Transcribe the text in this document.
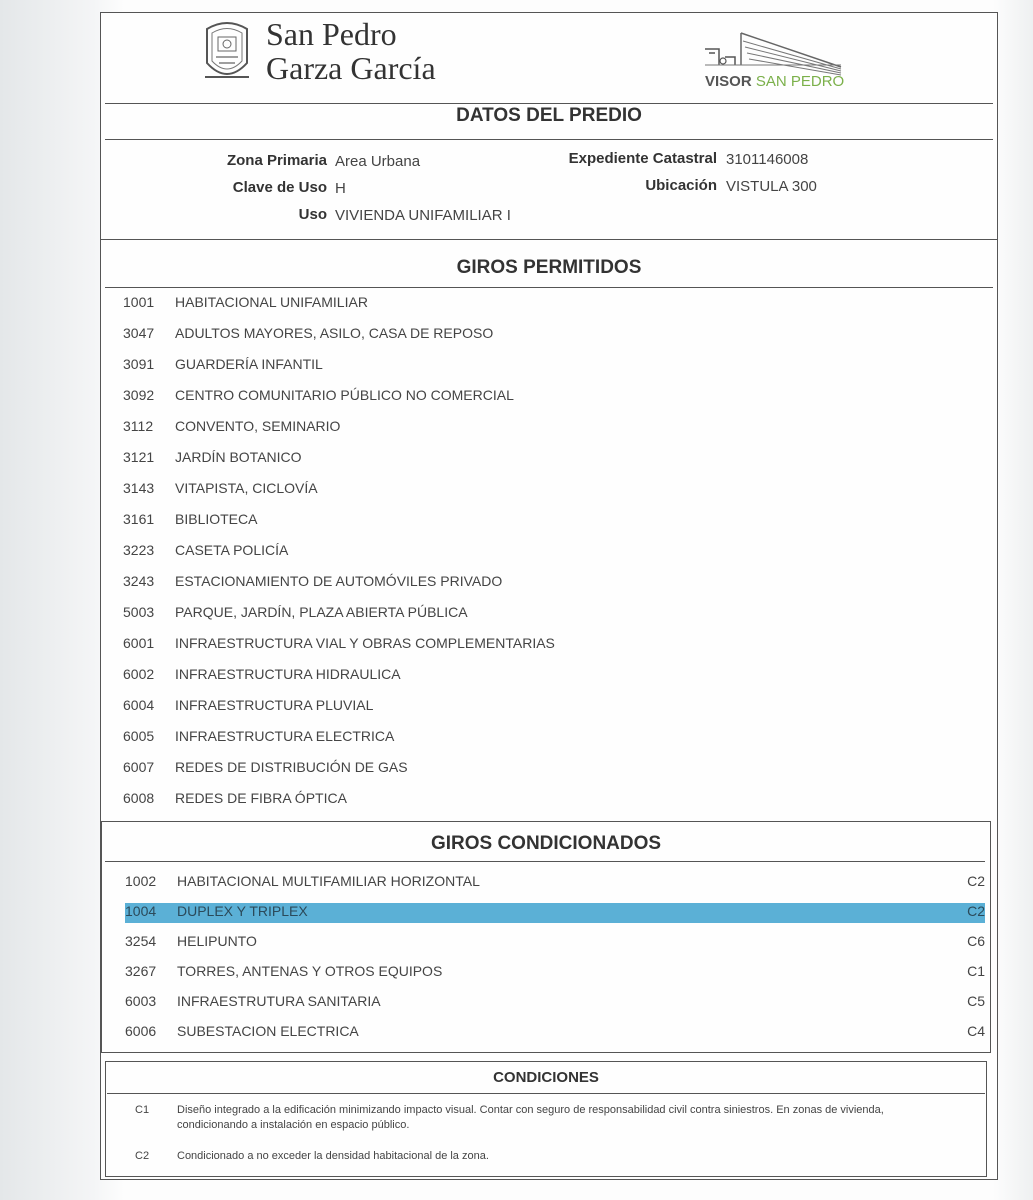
San Pedro
Garza García	VISOR SAN PEDRO
DATOS DEL PREDIO
Zona Primaria Area Urbana
Clave de Uso H
Uso VIVIENDA UNIFAMILIAR I
Expediente Catastral 3101146008
Ubicación VISTULA 300
GIROS PERMITIDOS
1001	HABITACIONAL UNIFAMILIAR
3047	ADULTOS MAYORES, ASILO, CASA DE REPOSO
3091	GUARDERÍA INFANTIL
3092	CENTRO COMUNITARIO PÚBLICO NO COMERCIAL
3112	CONVENTO, SEMINARIO
3121	JARDÍN BOTANICO
3143	VITAPISTA, CICLOVÍA
3161	BIBLIOTECA
3223	CASETA POLICÍA
3243	ESTACIONAMIENTO DE AUTOMÓVILES PRIVADO
5003	PARQUE, JARDÍN, PLAZA ABIERTA PÚBLICA
6001	INFRAESTRUCTURA VIAL Y OBRAS COMPLEMENTARIAS
6002	INFRAESTRUCTURA HIDRAULICA
6004	INFRAESTRUCTURA PLUVIAL
6005	INFRAESTRUCTURA ELECTRICA
6007	REDES DE DISTRIBUCIÓN DE GAS
6008	REDES DE FIBRA ÓPTICA
GIROS CONDICIONADOS
1002 HABITACIONAL MULTIFAMILIAR HORIZONTAL	C2
1004 DUPLEX Y TRIPLEX	C2
3254 HELIPUNTO	C6
3267 TORRES, ANTENAS Y OTROS EQUIPOS	C1
6003 INFRAESTRUTURA SANITARIA	C5
6006 SUBESTACION ELECTRICA	C4
CONDICIONES
C1	Diseño integrado a la edificación minimizando impacto visual. Contar con seguro de responsabilidad civil contra siniestros. En zonas de vivienda,
condicionando a instalación en espacio público.
C2	Condicionado a no exceder la densidad habitacional de la zona.
